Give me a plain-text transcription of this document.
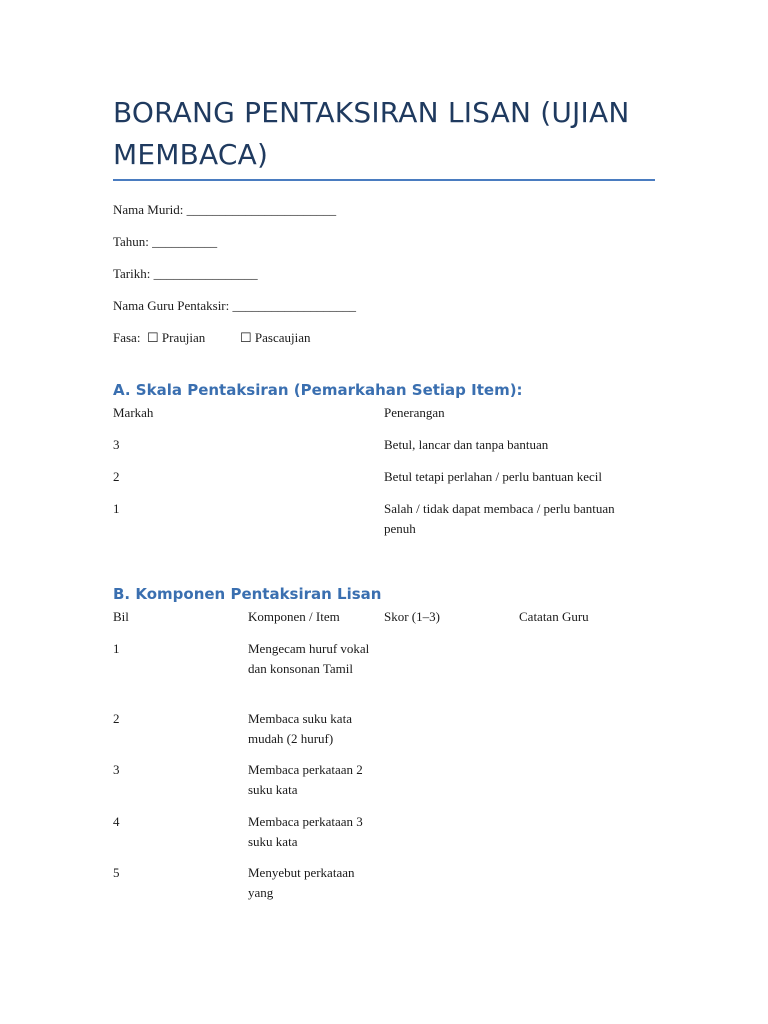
BORANG PENTAKSIRAN LISAN (UJIAN MEMBACA)
Nama Murid: _______________________
Tahun: __________
Tarikh: ________________
Nama Guru Pentaksir: ___________________
Fasa: ☐ Praujian	☐ Pascaujian
A. Skala Pentaksiran (Pemarkahan Setiap Item):
Markah	Penerangan
3	Betul, lancar dan tanpa bantuan
2	Betul tetapi perlahan / perlu bantuan kecil
1	Salah / tidak dapat membaca / perlu bantuan penuh
B. Komponen Pentaksiran Lisan
Bil	Komponen / Item	Skor (1–3)	Catatan Guru
1	Mengecam huruf vokal dan konsonan Tamil
2	Membaca suku kata mudah (2 huruf)
3	Membaca perkataan 2 suku kata
4	Membaca perkataan 3 suku kata
5	Menyebut perkataan yang
